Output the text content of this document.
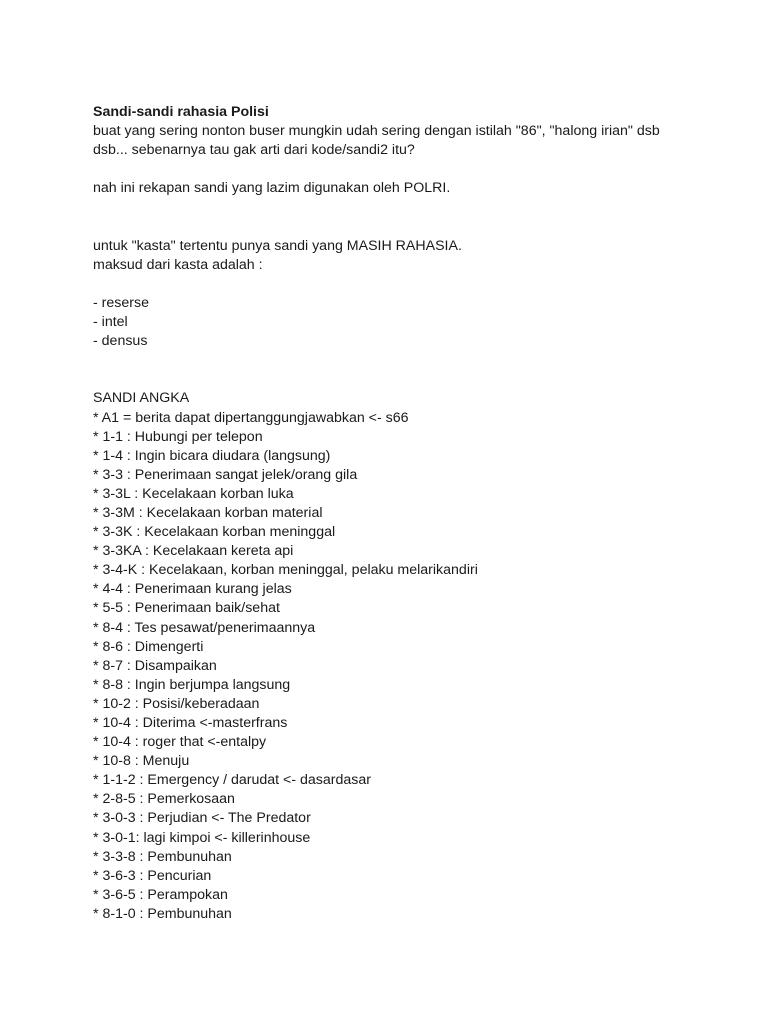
Sandi-sandi rahasia Polisi
buat yang sering nonton buser mungkin udah sering dengan istilah "86", "halong irian" dsb
dsb... sebenarnya tau gak arti dari kode/sandi2 itu?
nah ini rekapan sandi yang lazim digunakan oleh POLRI.
untuk "kasta" tertentu punya sandi yang MASIH RAHASIA.
maksud dari kasta adalah :
- reserse
- intel
- densus
SANDI ANGKA
* A1 = berita dapat dipertanggungjawabkan <- s66
* 1-1 : Hubungi per telepon
* 1-4 : Ingin bicara diudara (langsung)
* 3-3 : Penerimaan sangat jelek/orang gila
* 3-3L : Kecelakaan korban luka
* 3-3M : Kecelakaan korban material
* 3-3K : Kecelakaan korban meninggal
* 3-3KA : Kecelakaan kereta api
* 3-4-K : Kecelakaan, korban meninggal, pelaku melarikandiri
* 4-4 : Penerimaan kurang jelas
* 5-5 : Penerimaan baik/sehat
* 8-4 : Tes pesawat/penerimaannya
* 8-6 : Dimengerti
* 8-7 : Disampaikan
* 8-8 : Ingin berjumpa langsung
* 10-2 : Posisi/keberadaan
* 10-4 : Diterima <-masterfrans
* 10-4 : roger that <-entalpy
* 10-8 : Menuju
* 1-1-2 : Emergency / darudat <- dasardasar
* 2-8-5 : Pemerkosaan
* 3-0-3 : Perjudian <- The Predator
* 3-0-1: lagi kimpoi <- killerinhouse
* 3-3-8 : Pembunuhan
* 3-6-3 : Pencurian
* 3-6-5 : Perampokan
* 8-1-0 : Pembunuhan
